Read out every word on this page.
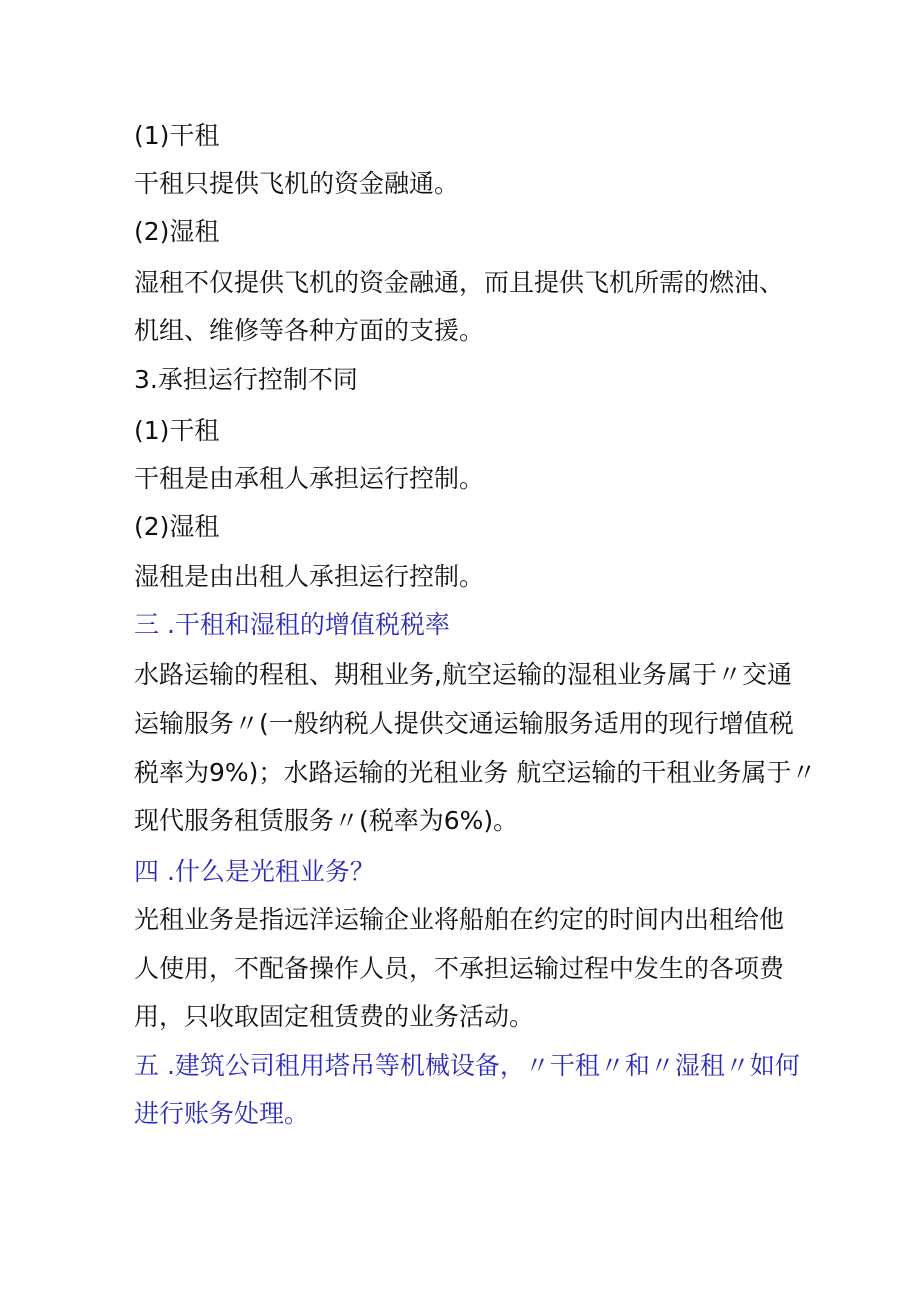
(1)干租
干租只提供飞机的资金融通。
(2)湿租
湿租不仅提供飞机的资金融通，而且提供飞机所需的燃油、
机组、维修等各种方面的支援。
3.承担运行控制不同
(1)干租
干租是由承租人承担运行控制。
(2)湿租
湿租是由出租人承担运行控制。
三 .干租和湿租的增值税税率
水路运输的程租、期租业务,航空运输的湿租业务属于〃交通
运输服务〃(一般纳税人提供交通运输服务适用的现行增值税
税率为9%)；水路运输的光租业务 航空运输的干租业务属于〃
现代服务租赁服务〃(税率为6%)。
四 .什么是光租业务？
光租业务是指远洋运输企业将船舶在约定的时间内出租给他
人使用，不配备操作人员，不承担运输过程中发生的各项费
用，只收取固定租赁费的业务活动。
五 .建筑公司租用塔吊等机械设备，〃干租〃和〃湿租〃如何
进行账务处理。
